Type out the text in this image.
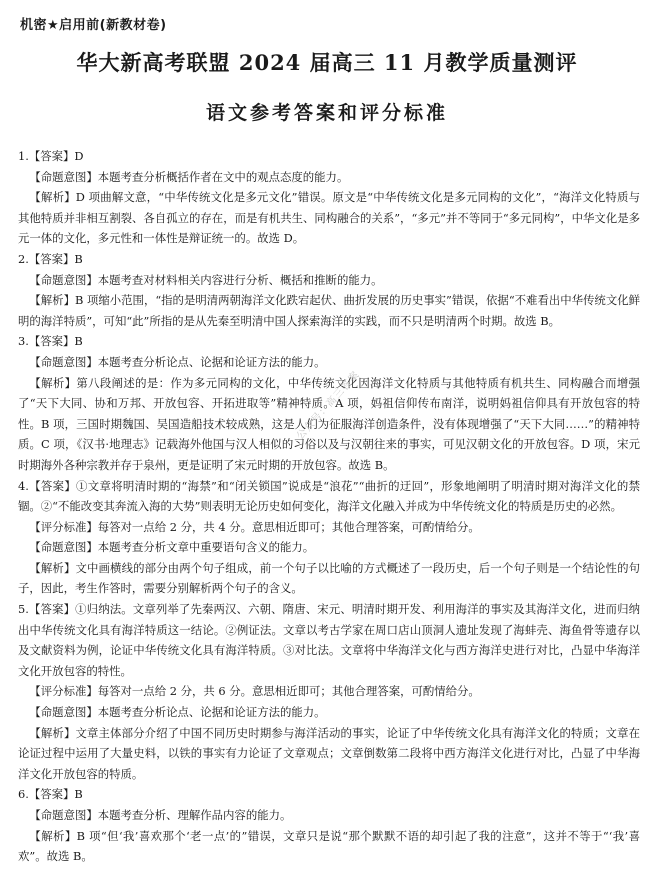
机密★启用前(新教材卷)
华大新高考联盟 2024 届高三 11 月教学质量测评
语文参考答案和评分标准

1.【答案】D

【命题意图】本题考查分析概括作者在文中的观点态度的能力。

【解析】D 项曲解文意，“中华传统文化是多元文化”错误。原文是“中华传统文化是多元同构的文化”，“海洋文化特质与其他特质并非相互割裂、各自孤立的存在，而是有机共生、同构融合的关系”，“多元”并不等同于“多元同构”，中华文化是多元一体的文化，多元性和一体性是辩证统一的。故选 D。

2.【答案】B

【命题意图】本题考查对材料相关内容进行分析、概括和推断的能力。

【解析】B 项缩小范围，“指的是明清两朝海洋文化跌宕起伏、曲折发展的历史事实”错误，依据“不难看出中华传统文化鲜明的海洋特质”，可知“此”所指的是从先秦至明清中国人探索海洋的实践，而不只是明清两个时期。故选 B。

3.【答案】B

【命题意图】本题考查分析论点、论据和论证方法的能力。

【解析】第八段阐述的是：作为多元同构的文化，中华传统文化因海洋文化特质与其他特质有机共生、同构融合而增强了“天下大同、协和万邦、开放包容、开拓进取等”精神特质。A 项，妈祖信仰传布南洋，说明妈祖信仰具有开放包容的特性。B 项，三国时期魏国、吴国造船技术较成熟，这是人们为征服海洋创造条件，没有体现增强了“天下大同……”的精神特质。C 项，《汉书·地理志》记载海外他国与汉人相似的习俗以及与汉朝往来的事实，可见汉朝文化的开放包容。D 项，宋元时期海外各种宗教并存于泉州，更是证明了宋元时期的开放包容。故选 B。

4.【答案】①文章将明清时期的“海禁”和“闭关锁国”说成是“浪花”“曲折的迂回”，形象地阐明了明清时期对海洋文化的禁锢。②“不能改变其奔流入海的大势”则表明无论历史如何变化，海洋文化融入并成为中华传统文化的特质是历史的必然。

【评分标准】每答对一点给 2 分，共 4 分。意思相近即可；其他合理答案，可酌情给分。

【命题意图】本题考查分析文章中重要语句含义的能力。

【解析】文中画横线的部分由两个句子组成，前一个句子以比喻的方式概述了一段历史，后一个句子则是一个结论性的句子，因此，考生作答时，需要分别解析两个句子的含义。

5.【答案】①归纳法。文章列举了先秦两汉、六朝、隋唐、宋元、明清时期开发、利用海洋的事实及其海洋文化，进而归纳出中华传统文化具有海洋特质这一结论。②例证法。文章以考古学家在周口店山顶洞人遗址发现了海蚌壳、海鱼骨等遗存以及文献资料为例，论证中华传统文化具有海洋特质。③对比法。文章将中华海洋文化与西方海洋史进行对比，凸显中华海洋文化开放包容的特性。

【评分标准】每答对一点给 2 分，共 6 分。意思相近即可；其他合理答案，可酌情给分。

【命题意图】本题考查分析论点、论据和论证方法的能力。

【解析】文章主体部分介绍了中国不同历史时期参与海洋活动的事实，论证了中华传统文化具有海洋文化的特质；文章在论证过程中运用了大量史料，以铁的事实有力论证了文章观点；文章倒数第二段将中西方海洋文化进行对比，凸显了中华海洋文化开放包容的特质。

6.【答案】B

【命题意图】本题考查分析、理解作品内容的能力。

【解析】B 项“但‘我’喜欢那个‘老一点’的”错误，文章只是说“那个默默不语的却引起了我的注意”，这并不等于“‘我’喜欢”。故选 B。

公众号：高三答案
